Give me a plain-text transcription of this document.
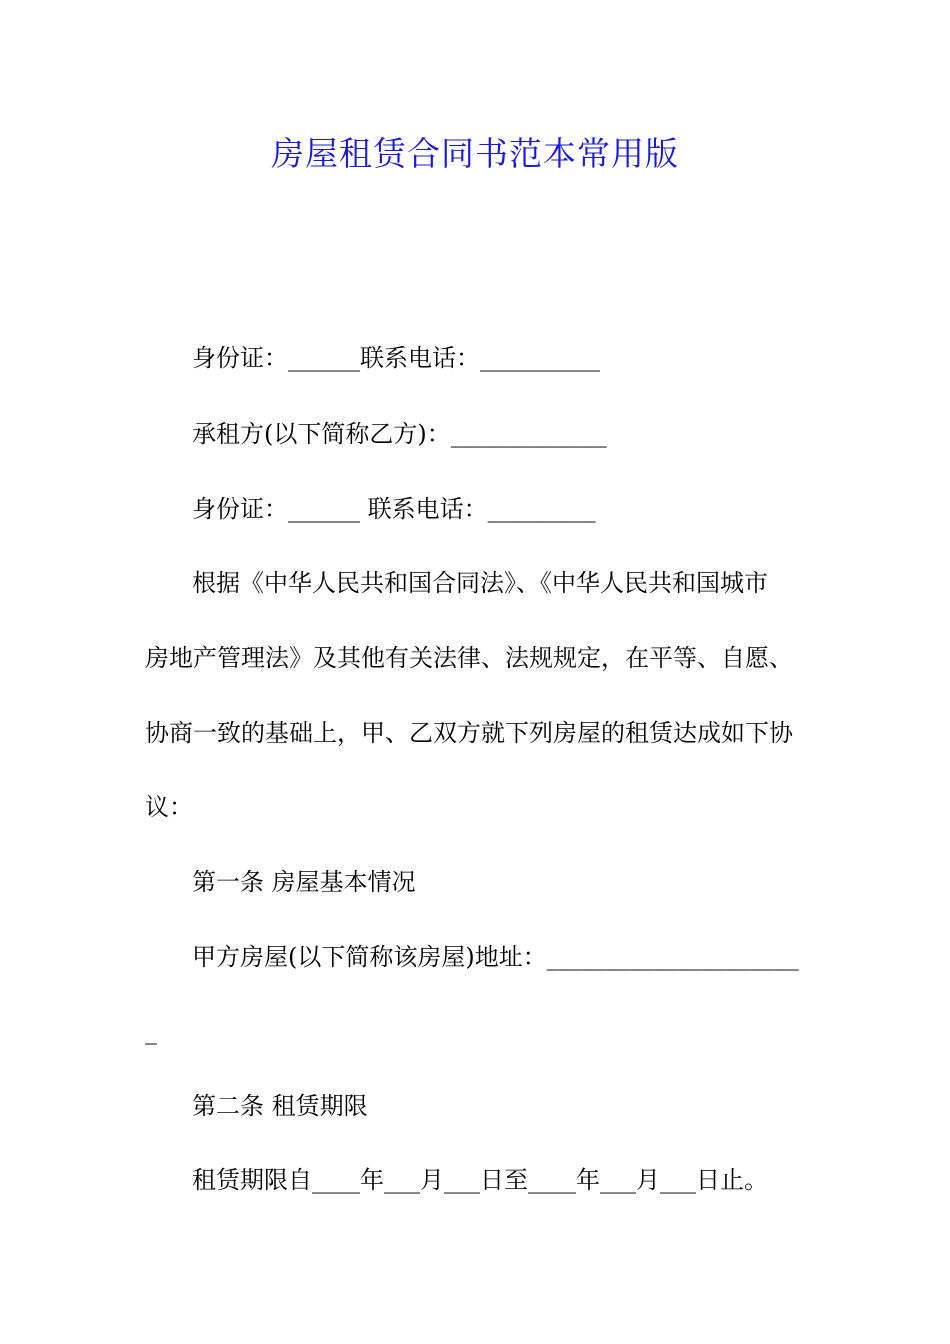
房屋租赁合同书范本常用版
身份证：______联系电话：__________
承租方(以下简称乙方)：_____________
身份证：______ 联系电话：_________
根据《中华人民共和国合同法》、《中华人民共和国城市
房地产管理法》及其他有关法律、法规规定，在平等、自愿、
协商一致的基础上，甲、乙双方就下列房屋的租赁达成如下协
议：
第一条 房屋基本情况
甲方房屋(以下简称该房屋)地址：_____________________
_
第二条 租赁期限
租赁期限自____年___月___日至____年___月___日止。
